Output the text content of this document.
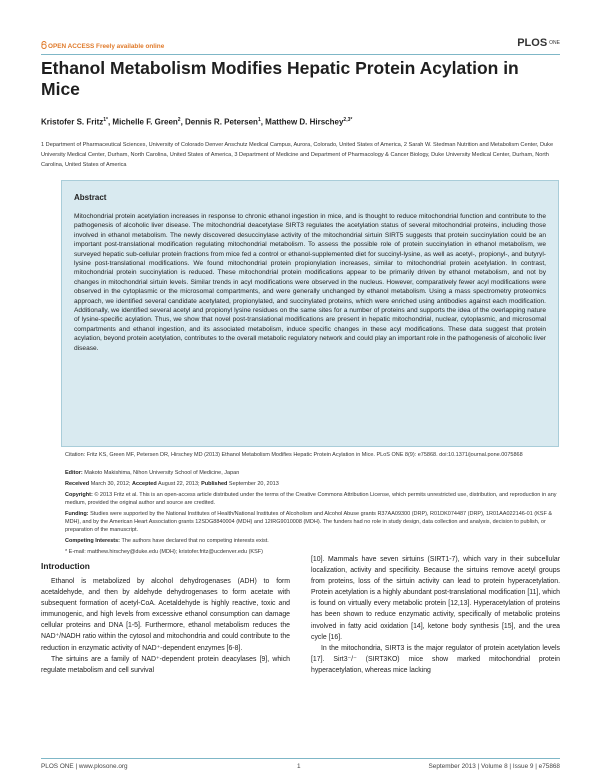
OPEN ACCESS Freely available online	PLOS ONE
Ethanol Metabolism Modifies Hepatic Protein Acylation in Mice
Kristofer S. Fritz$^{1*}$, Michelle F. Green$^2$, Dennis R. Petersen$^1$, Matthew D. Hirschey$^{2,3*}$
1 Department of Pharmaceutical Sciences, University of Colorado Denver Anschutz Medical Campus, Aurora, Colorado, United States of America, 2 Sarah W. Stedman Nutrition and Metabolism Center, Duke University Medical Center, Durham, North Carolina, United States of America, 3 Department of Medicine and Department of Pharmacology & Cancer Biology, Duke University Medical Center, Durham, North Carolina, United States of America
Abstract
Mitochondrial protein acetylation increases in response to chronic ethanol ingestion in mice, and is thought to reduce mitochondrial function and contribute to the pathogenesis of alcoholic liver disease. The mitochondrial deacetylase SIRT3 regulates the acetylation status of several mitochondrial proteins, including those involved in ethanol metabolism. The newly discovered desuccinylase activity of the mitochondrial sirtuin SIRT5 suggests that protein succinylation could be an important post-translational modification regulating mitochondrial metabolism. To assess the possible role of protein succinylation in ethanol metabolism, we surveyed hepatic sub-cellular protein fractions from mice fed a control or ethanol-supplemented diet for succinyl-lysine, as well as acetyl-, propionyl-, and butyryl-lysine post-translational modifications. We found mitochondrial protein propionylation increases, similar to mitochondrial protein acetylation. In contrast, mitochondrial protein succinylation is reduced. These mitochondrial protein modifications appear to be primarily driven by ethanol metabolism, and not by changes in mitochondrial sirtuin levels. Similar trends in acyl modifications were observed in the nucleus. However, comparatively fewer acyl modifications were observed in the cytoplasmic or the microsomal compartments, and were generally unchanged by ethanol metabolism. Using a mass spectrometry proteomics approach, we identified several candidate acetylated, propionylated, and succinylated proteins, which were enriched using antibodies against each modification. Additionally, we identified several acetyl and propionyl lysine residues on the same sites for a number of proteins and supports the idea of the overlapping nature of lysine-specific acylation. Thus, we show that novel post-translational modifications are present in hepatic mitochondrial, nuclear, cytoplasmic, and microsomal compartments and ethanol ingestion, and its associated metabolism, induce specific changes in these acyl modifications. These data suggest that protein acylation, beyond protein acetylation, contributes to the overall metabolic regulatory network and could play an important role in the pathogenesis of alcoholic liver disease.
Citation: Fritz KS, Green MF, Petersen DR, Hirschey MD (2013) Ethanol Metabolism Modifies Hepatic Protein Acylation in Mice. PLoS ONE 8(9): e75868. doi:10.1371/journal.pone.0075868
Editor: Makoto Makishima, Nihon University School of Medicine, Japan
Received March 30, 2012; Accepted August 22, 2013; Published September 20, 2013
Copyright: © 2013 Fritz et al. This is an open-access article distributed under the terms of the Creative Commons Attribution License, which permits unrestricted use, distribution, and reproduction in any medium, provided the original author and source are credited.
Funding: Studies were supported by the National Institutes of Health/National Institutes of Alcoholism and Alcohol Abuse grants R37AA09300 (DRP), R01DK074487 (DRP), 1R01AA022146-01 (KSF & MDH), and by the American Heart Association grants 12SDG8840004 (MDH) and 12IRG9010008 (MDH). The funders had no role in study design, data collection and analysis, decision to publish, or preparation of the manuscript.
Competing Interests: The authors have declared that no competing interests exist.
* E-mail: matthew.hirschey@duke.edu (MDH); kristofer.fritz@ucdenver.edu (KSF)
Introduction

Ethanol is metabolized by alcohol dehydrogenases (ADH) to form acetaldehyde, and then by aldehyde dehydrogenases to form acetate with subsequent formation of acetyl-CoA. Acetaldehyde is highly reactive, toxic and immunogenic, and high levels from excessive ethanol consumption can damage cellular proteins and DNA [1-5]. Furthermore, ethanol metabolism reduces the NAD⁺/NADH ratio within the cytosol and mitochondria and could contribute to the reduction in enzymatic activity of NAD⁺-dependent enzymes [6-8].

The sirtuins are a family of NAD⁺-dependent protein deacylases [9], which regulate metabolism and cell survival

[10]. Mammals have seven sirtuins (SIRT1-7), which vary in their subcellular localization, activity and specificity. Because the sirtuins remove acetyl groups from proteins, loss of the sirtuin activity can lead to protein hyperacetylation. Protein acetylation is a highly abundant post-translational modification [11], which is found on virtually every metabolic protein [12,13]. Hyperacetylation of proteins has been shown to reduce enzymatic activity, specifically of metabolic proteins involved in fatty acid oxidation [14], ketone body synthesis [15], and the urea cycle [16].

In the mitochondria, SIRT3 is the major regulator of protein acetylation levels [17]. Sirt3⁻/⁻ (SIRT3KO) mice show marked mitochondrial protein hyperacetylation, whereas mice lacking

PLOS ONE | www.plosone.org	1	September 2013 | Volume 8 | Issue 9 | e75868
